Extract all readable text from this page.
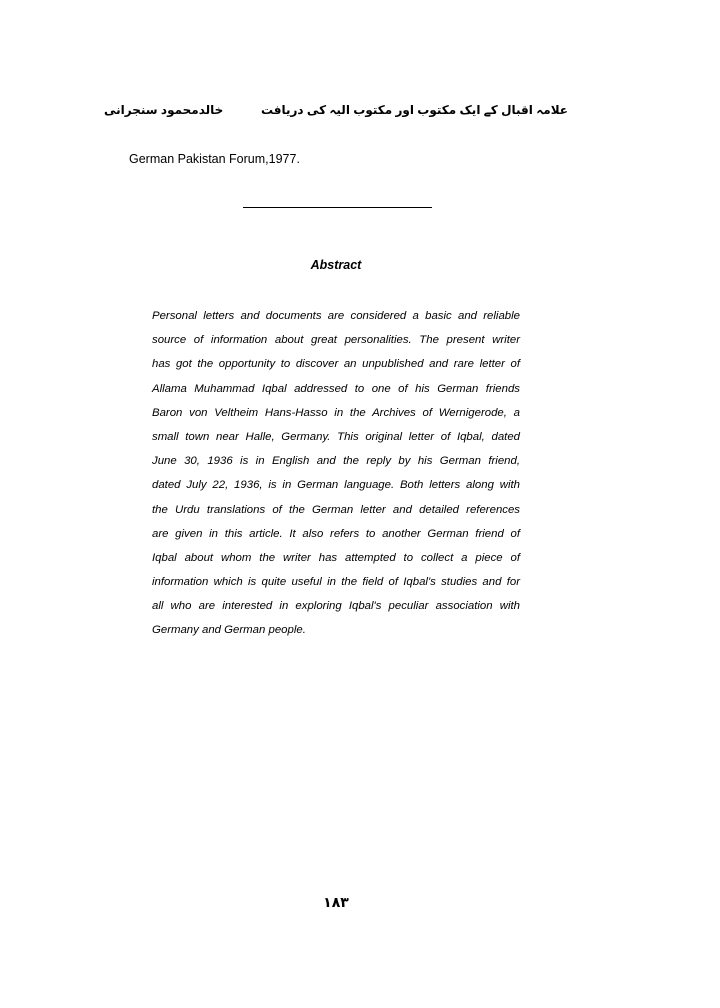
خالدمحمود سنجرانی	علامہ اقبال کے ایک مکتوب اور مکتوب الیہ کی دریافت
German Pakistan Forum,1977.
Abstract
Personal letters and documents are considered a basic and reliable
source of information about great personalities. The present writer
has got the opportunity to discover an unpublished and rare letter of
Allama Muhammad Iqbal addressed to one of his German friends
Baron von Veltheim Hans-Hasso in the Archives of Wernigerode, a
small town near Halle, Germany. This original letter of Iqbal, dated
June 30, 1936 is in English and the reply by his German friend,
dated July 22, 1936, is in German language. Both letters along with
the Urdu translations of the German letter and detailed references
are given in this article. It also refers to another German friend of
Iqbal about whom the writer has attempted to collect a piece of
information which is quite useful in the field of Iqbal's studies and for
all who are interested in exploring Iqbal's peculiar association with
Germany and German people.
۱۸۳
